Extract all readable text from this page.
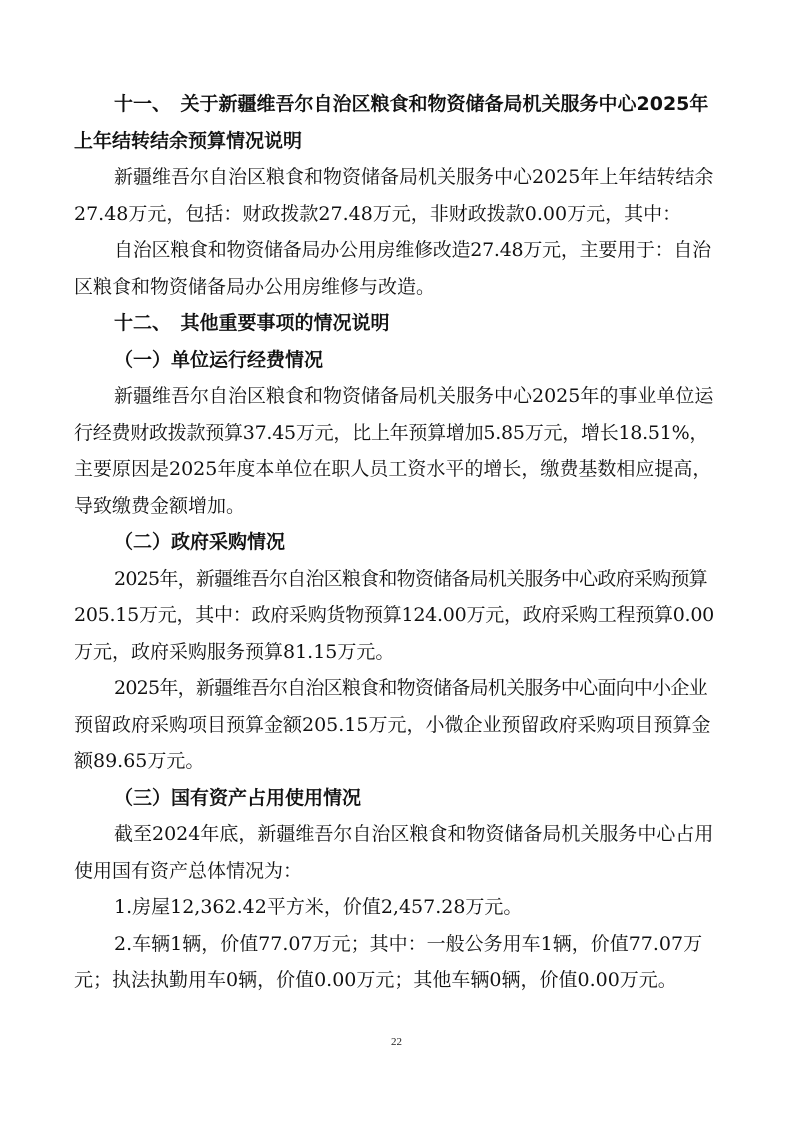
十一、　关于新疆维吾尔自治区粮食和物资储备局机关服务中心2025年

上年结转结余预算情况说明

新疆维吾尔自治区粮食和物资储备局机关服务中心2025年上年结转结余

27.48万元，包括：财政拨款27.48万元，非财政拨款0.00万元，其中：

自治区粮食和物资储备局办公用房维修改造27.48万元，主要用于：自治

区粮食和物资储备局办公用房维修与改造。

十二、　其他重要事项的情况说明

（一）单位运行经费情况

新疆维吾尔自治区粮食和物资储备局机关服务中心2025年的事业单位运

行经费财政拨款预算37.45万元，比上年预算增加5.85万元，增长18.51%，

主要原因是2025年度本单位在职人员工资水平的增长，缴费基数相应提高，

导致缴费金额增加。

（二）政府采购情况

2025年，新疆维吾尔自治区粮食和物资储备局机关服务中心政府采购预算

205.15万元，其中：政府采购货物预算124.00万元，政府采购工程预算0.00

万元，政府采购服务预算81.15万元。

2025年，新疆维吾尔自治区粮食和物资储备局机关服务中心面向中小企业

预留政府采购项目预算金额205.15万元，小微企业预留政府采购项目预算金

额89.65万元。

（三）国有资产占用使用情况

截至2024年底，新疆维吾尔自治区粮食和物资储备局机关服务中心占用

使用国有资产总体情况为：

1.房屋12,362.42平方米，价值2,457.28万元。

2.车辆1辆，价值77.07万元；其中：一般公务用车1辆，价值77.07万

元；执法执勤用车0辆，价值0.00万元；其他车辆0辆，价值0.00万元。

22
